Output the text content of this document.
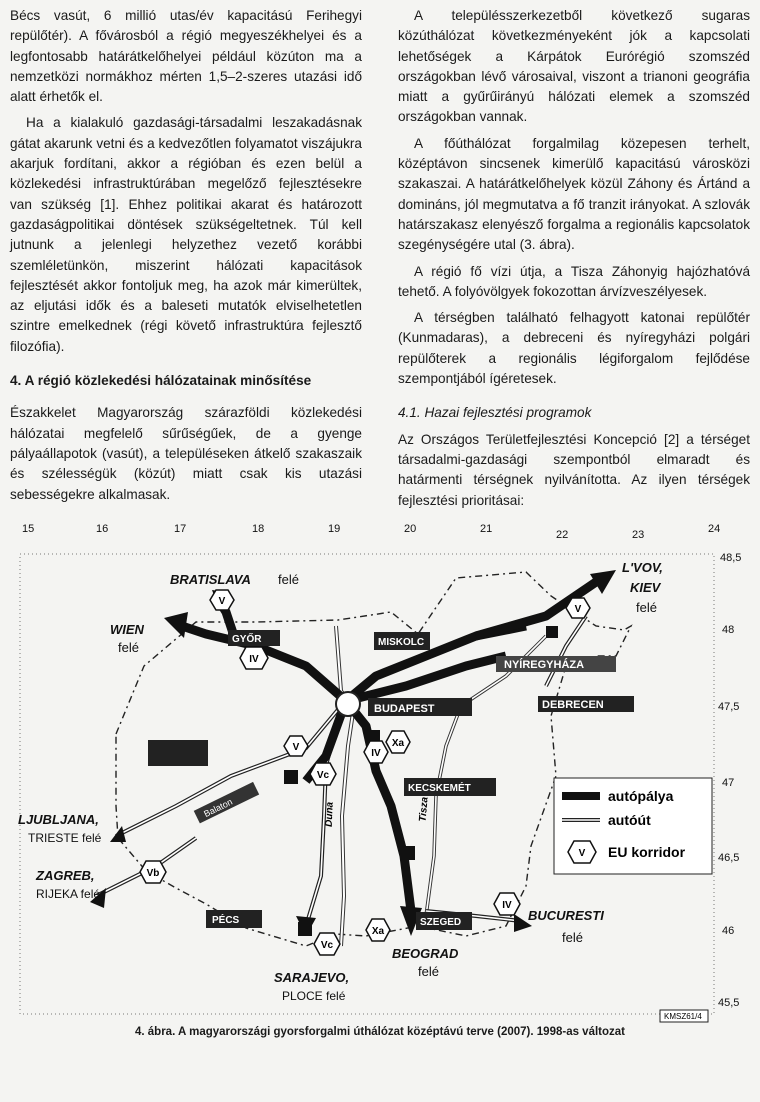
Bécs vasút, 6 millió utas/év kapacitású Ferihegyi repülőtér). A fővárosból a régió megyeszékhelyei és a legfontosabb határátkelőhelyei például közúton ma a nemzetközi normákhoz mérten 1,5–2-szeres utazási idő alatt érhetők el.

Ha a kialakuló gazdasági-társadalmi leszakadásnak gátat akarunk vetni és a kedvezőtlen folyamatot viszájukra akarjuk fordítani, akkor a régióban és ezen belül a közlekedési infrastruktúrában megelőző fejlesztésekre van szükség [1]. Ehhez politikai akarat és határozott gazdaságpolitikai döntések szükségeltetnek. Túl kell jutnunk a jelenlegi helyzethez vezető korábbi szemléletünkön, miszerint hálózati kapacitások fejlesztését akkor fontoljuk meg, ha azok már kimerültek, az eljutási idők és a baleseti mutatók elviselhetetlen szintre emelkednek (régi követő infrastruktúra fejlesztő filozófia).

4. A régió közlekedési hálózatainak minősítése

Északkelet Magyarország szárazföldi közlekedési hálózatai megfelelő sűrűségűek, de a gyenge pályaállapotok (vasút), a településeken átkelő szakaszaik és szélességük (közút) miatt csak kis utazási sebességekre alkalmasak.

A településszerkezetből következő sugaras közúthálózat következményeként jók a kapcsolati lehetőségek a Kárpátok Eurórégió szomszéd országokban lévő városaival, viszont a trianoni geográfia miatt a gyűrűirányú hálózati elemek a szomszéd országokban vannak.

A főúthálózat forgalmilag közepesen terhelt, középtávon sincsenek kimerülő kapacitású városközi szakaszai. A határátkelőhelyek közül Záhony és Ártánd a domináns, jól megmutatva a fő tranzit irányokat. A szlovák határszakasz elenyésző forgalma a regionális kapcsolatok szegénységére utal (3. ábra).

A régió fő vízi útja, a Tisza Záhonyig hajózhatóvá tehető. A folyóvölgyek fokozottan árvízveszélyesek.

A térségben található felhagyott katonai repülőtér (Kunmadaras), a debreceni és nyíregyházi polgári repülőterek a regionális légiforgalom fejlődése szempontjából ígéretesek.

4.1. Hazai fejlesztési programok

Az Országos Területfejlesztési Koncepció [2] a térséget társadalmi-gazdasági szempontból elmaradt és határmenti térségnek nyilvánította. Az ilyen térségek fejlesztési prioritásai:

15	16	17	18	19	20	21	22	23	24
48,5
48
47,5
47
46,5
46
45,5
Duna	Tisza
Balaton
GYŐR	MISKOLC
NYÍREGYHÁZA
DEBRECEN
BUDAPEST
KECSKEMÉT
PÉCS	SZEGED
V
IV
V
Vc
IV
Xa
V
Vb
Vc
Xa
IV
BRATISLAVA felé
WIEN
felé
L'VOV,
KIEV
felé
LJUBLJANA,
TRIESTE felé
ZAGREB,
RIJEKA felé
SARAJEVO,
PLOCE felé
BEOGRAD
felé
BUCURESTI
felé
autópálya
autóút
V EU korridor
KMSZ61/4
4. ábra. A magyarországi gyorsforgalmi úthálózat középtávú terve (2007). 1998-as változat
